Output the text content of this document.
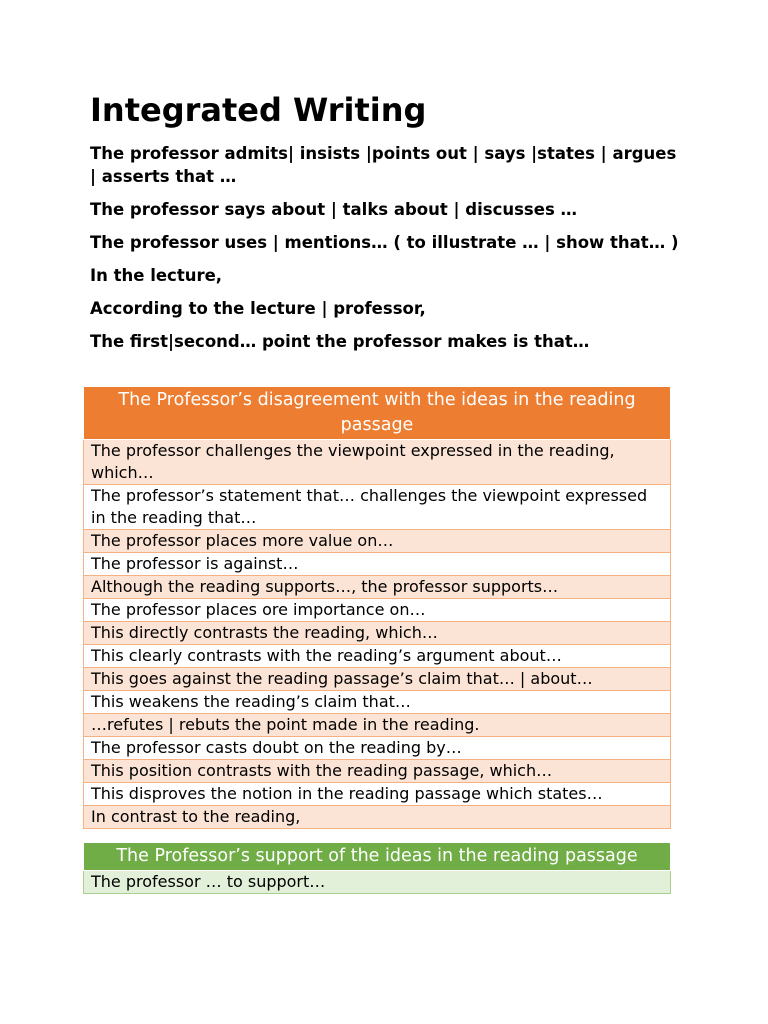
Integrated Writing

The professor admits| insists |points out | says |states | argues | asserts that …

The professor says about | talks about | discusses …

The professor uses | mentions… ( to illustrate … | show that… )

In the lecture,

According to the lecture | professor,

The first|second… point the professor makes is that…

The Professor’s disagreement with the ideas in the reading passage
The professor challenges the viewpoint expressed in the reading, which…
The professor’s statement that… challenges the viewpoint expressed in the reading that…
The professor places more value on…
The professor is against…
Although the reading supports…, the professor supports…
The professor places ore importance on…
This directly contrasts the reading, which…
This clearly contrasts with the reading’s argument about…
This goes against the reading passage’s claim that… | about…
This weakens the reading’s claim that…
…refutes | rebuts the point made in the reading.
The professor casts doubt on the reading by…
This position contrasts with the reading passage, which…
This disproves the notion in the reading passage which states…
In contrast to the reading,
The Professor’s support of the ideas in the reading passage
The professor … to support…
